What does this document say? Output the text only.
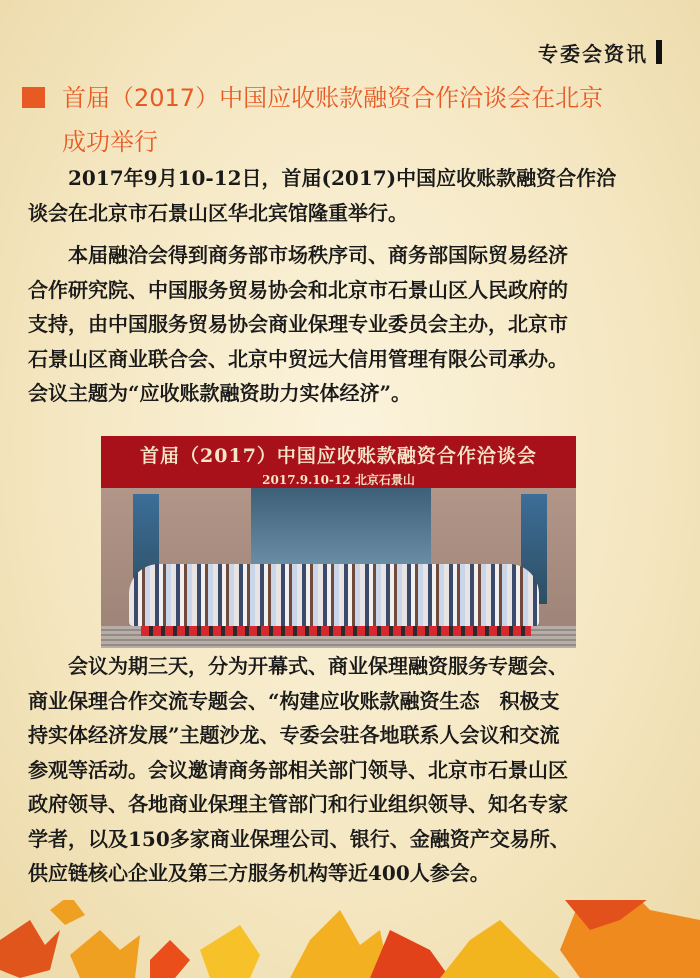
专委会资讯
首届（2017）中国应收账款融资合作洽谈会在北京
成功举行
　　2017年9月10-12日，首届(2017)中国应收账款融资合作洽
谈会在北京市石景山区华北宾馆隆重举行。
　　本届融洽会得到商务部市场秩序司、商务部国际贸易经济
合作研究院、中国服务贸易协会和北京市石景山区人民政府的
支持，由中国服务贸易协会商业保理专业委员会主办，北京市
石景山区商业联合会、北京中贸远大信用管理有限公司承办。
会议主题为“应收账款融资助力实体经济”。
首届（2017）中国应收账款融资合作洽谈会
2017.9.10-12 北京石景山
　　会议为期三天，分为开幕式、商业保理融资服务专题会、
商业保理合作交流专题会、“构建应收账款融资生态　积极支
持实体经济发展”主题沙龙、专委会驻各地联系人会议和交流
参观等活动。会议邀请商务部相关部门领导、北京市石景山区
政府领导、各地商业保理主管部门和行业组织领导、知名专家
学者，以及150多家商业保理公司、银行、金融资产交易所、
供应链核心企业及第三方服务机构等近400人参会。
